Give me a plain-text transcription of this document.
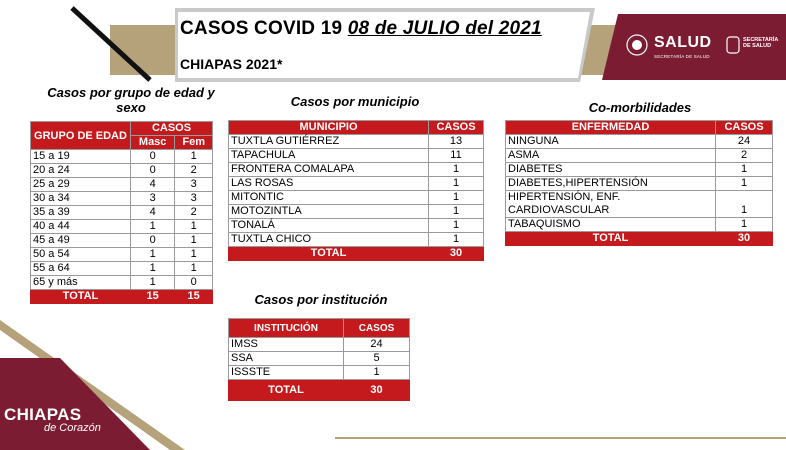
CASOS COVID 19 08 de JULIO del 2021
CHIAPAS 2021*
SALUD
SECRETARÍA DE SALUD
SECRETARÍA DE SALUD
Casos por grupo de edad y sexo
GRUPO DE EDAD	CASOS	
	Masc	Fem
15 a 19	0	1
20 a 24	0	2
25 a 29	4	3
30 a 34	3	3
35 a 39	4	2
40 a 44	1	1
45 a 49	0	1
50 a 54	1	1
55 a 64	1	1
65 y más	1	0
TOTAL	15	15
Casos por municipio
MUNICIPIO	CASOS
TUXTLA GUTIÉRREZ	13
TAPACHULA	11
FRONTERA COMALAPA	1
LAS ROSAS	1
MITONTIC	1
MOTOZINTLA	1
TONALÁ	1
TUXTLA CHICO	1
TOTAL	30
Casos por institución
INSTITUCIÓN	CASOS
IMSS	24
SSA	5
ISSSTE	1
TOTAL	30
Co-morbilidades
ENFERMEDAD	CASOS
NINGUNA	24
ASMA	2
DIABETES	1
DIABETES,HIPERTENSIÓN	1
HIPERTENSIÓN, ENF. CARDIOVASCULAR	1
TABAQUISMO	1
TOTAL	30
CHIAPAS
de Corazón
